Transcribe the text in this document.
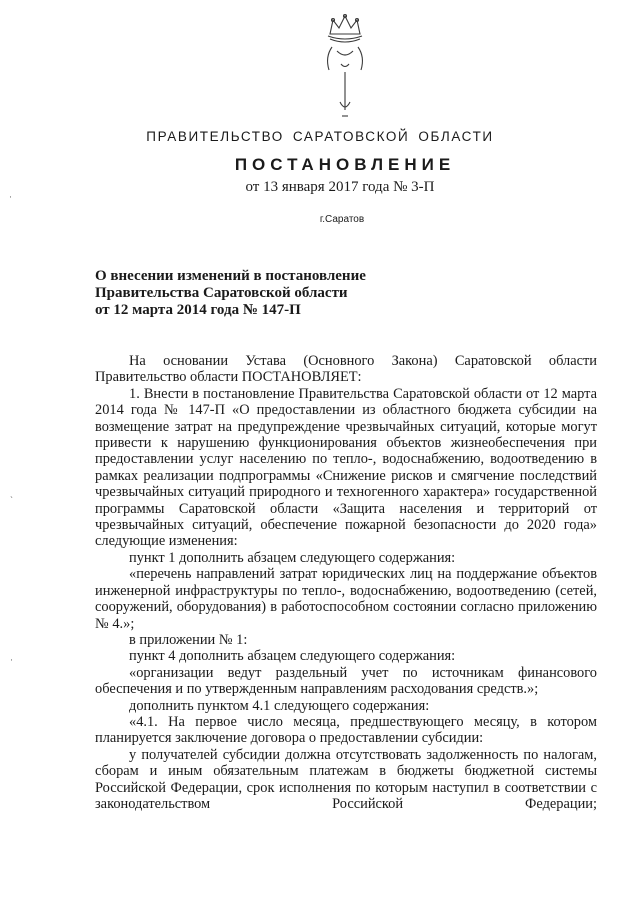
ПРАВИТЕЛЬСТВО САРАТОВСКОЙ ОБЛАСТИ
ПОСТАНОВЛЕНИЕ
от 13 января 2017 года № 3-П
г.Саратов
О внесении изменений в постановление
Правительства Саратовской области
от 12 марта 2014 года № 147-П

На основании Устава (Основного Закона) Саратовской области Правительство области ПОСТАНОВЛЯЕТ:

1. Внести в постановление Правительства Саратовской области от 12 марта 2014 года № 147-П «О предоставлении из областного бюджета субсидии на возмещение затрат на предупреждение чрезвычайных ситуаций, которые могут привести к нарушению функционирования объектов жизнеобеспечения при предоставлении услуг населению по тепло-, водоснабжению, водоотведению в рамках реализации подпрограммы «Снижение рисков и смягчение последствий чрезвычайных ситуаций природного и техногенного характера» государственной программы Саратовской области «Защита населения и территорий от чрезвычайных ситуаций, обеспечение пожарной безопасности до 2020 года» следующие изменения:

пункт 1 дополнить абзацем следующего содержания:

«перечень направлений затрат юридических лиц на поддержание объектов инженерной инфраструктуры по тепло-, водоснабжению, водоотведению (сетей, сооружений, оборудования) в работоспособном состоянии согласно приложению № 4.»;

в приложении № 1:

пункт 4 дополнить абзацем следующего содержания:

«организации ведут раздельный учет по источникам финансового обеспечения и по утвержденным направлениям расходования средств.»;

дополнить пунктом 4.1 следующего содержания:

«4.1. На первое число месяца, предшествующего месяцу, в котором планируется заключение договора о предоставлении субсидии:

у получателей субсидии должна отсутствовать задолженность по налогам, сборам и иным обязательным платежам в бюджеты бюджетной системы Российской Федерации, срок исполнения по которым наступил в соответствии с законодательством Российской Федерации;

·
ˏ
·
